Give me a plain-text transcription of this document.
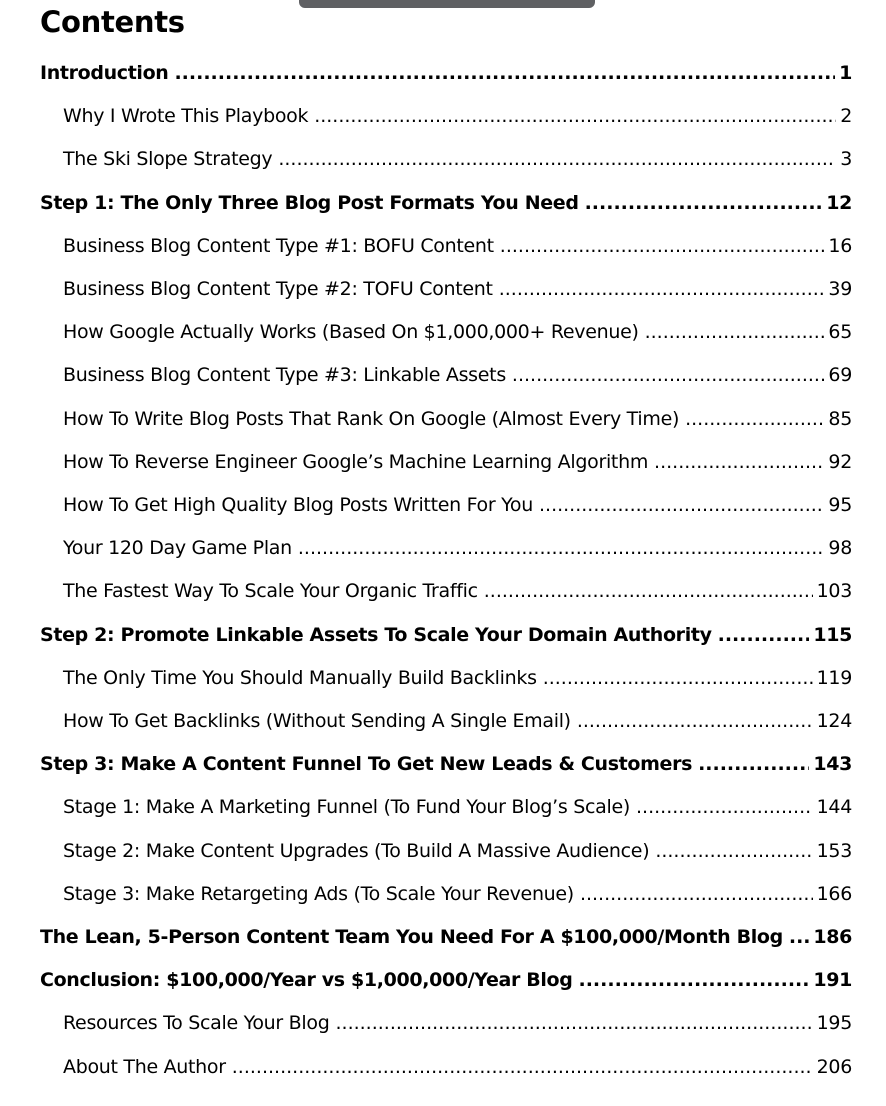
Contents
Introduction .....	1
Why I Wrote This Playbook .....	2
The Ski Slope Strategy .....	3
Step 1: The Only Three Blog Post Formats You Need .....	12
Business Blog Content Type #1: BOFU Content .....	16
Business Blog Content Type #2: TOFU Content .....	39
How Google Actually Works (Based On $1,000,000+ Revenue) .....	65
Business Blog Content Type #3: Linkable Assets .....	69
How To Write Blog Posts That Rank On Google (Almost Every Time) .....	85
How To Reverse Engineer Google’s Machine Learning Algorithm .....	92
How To Get High Quality Blog Posts Written For You .....	95
Your 120 Day Game Plan .....	98
The Fastest Way To Scale Your Organic Traffic .....	103
Step 2: Promote Linkable Assets To Scale Your Domain Authority .....	115
The Only Time You Should Manually Build Backlinks .....	119
How To Get Backlinks (Without Sending A Single Email) .....	124
Step 3: Make A Content Funnel To Get New Leads & Customers .....	143
Stage 1: Make A Marketing Funnel (To Fund Your Blog’s Scale) .....	144
Stage 2: Make Content Upgrades (To Build A Massive Audience) .....	153
Stage 3: Make Retargeting Ads (To Scale Your Revenue) .....	166
The Lean, 5-Person Content Team You Need For A $100,000/Month Blog ..... 186
Conclusion: $100,000/Year vs $1,000,000/Year Blog .....	191
Resources To Scale Your Blog .....	195
About The Author .....	206
